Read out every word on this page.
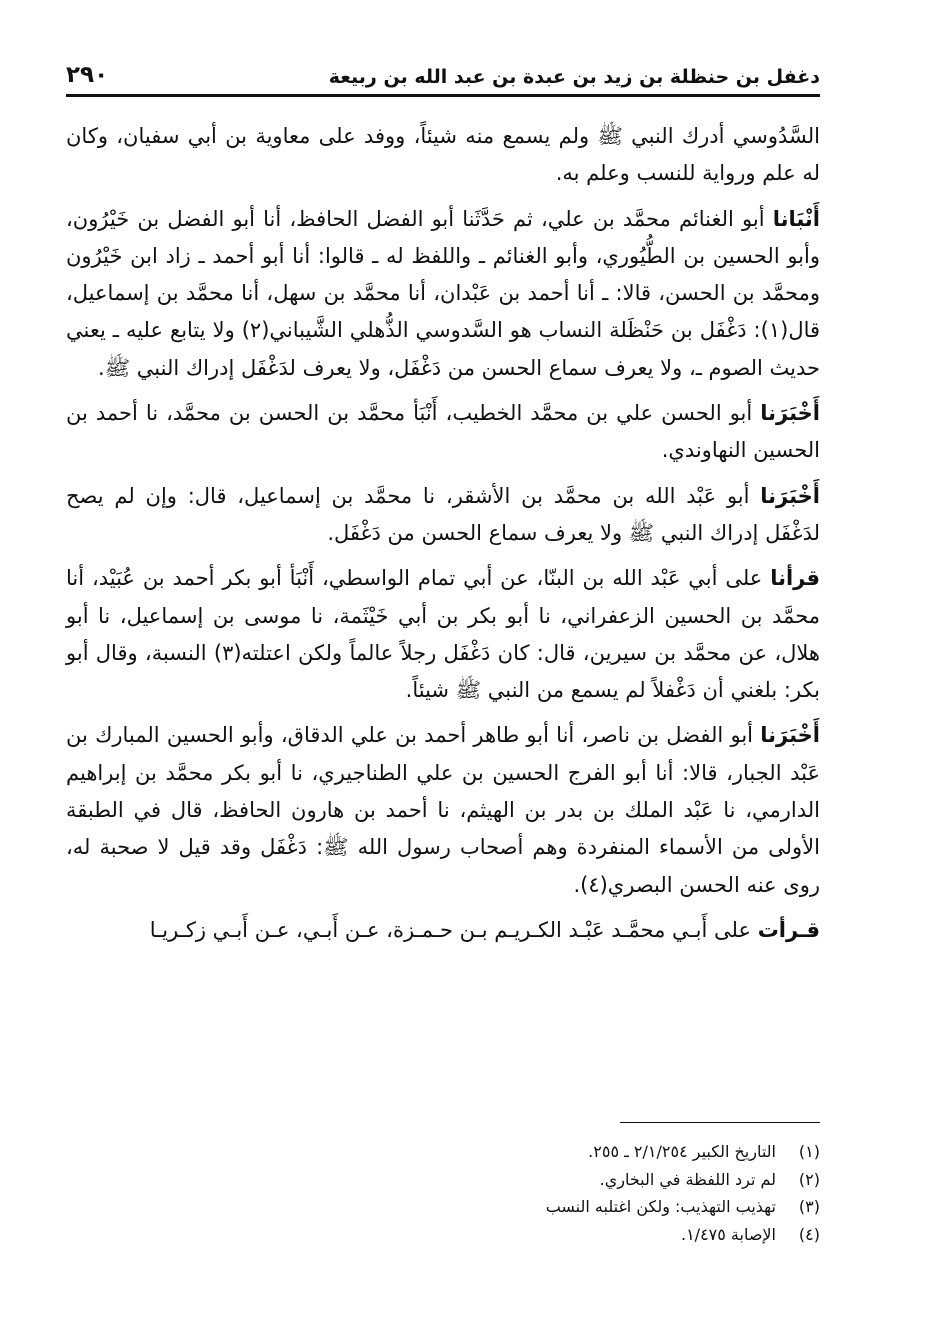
دغفل بن حنظلة بن زيد بن عبدة بن عبد الله بن ربيعة
٢٩٠

السَّدُوسي أدرك النبي ﷺ ولم يسمع منه شيئاً، ووفد على معاوية بن أبي سفيان، وكان له علم ورواية للنسب وعلم به.

أَنْبَانا أبو الغنائم محمَّد بن علي، ثم حَدَّثَنا أبو الفضل الحافظ، أنا أبو الفضل بن خَيْرُون، وأبو الحسين بن الطُّيُوري، وأبو الغنائم ـ واللفظ له ـ قالوا: أنا أبو أحمد ـ زاد ابن خَيْرُون ومحمَّد بن الحسن، قالا: ـ أنا أحمد بن عَبْدان، أنا محمَّد بن سهل، أنا محمَّد بن إسماعيل، قال(١): دَغْفَل بن حَنْظَلة النساب هو السَّدوسي الذُّهلي الشَّيباني(٢) ولا يتابع عليه ـ يعني حديث الصوم ـ، ولا يعرف سماع الحسن من دَغْفَل، ولا يعرف لدَغْفَل إدراك النبي ﷺ.

أَخْبَرَنا أبو الحسن علي بن محمَّد الخطيب، أَنْبَأ محمَّد بن الحسن بن محمَّد، نا أحمد بن الحسين النهاوندي.

أَخْبَرَنا أبو عَبْد الله بن محمَّد بن الأشقر، نا محمَّد بن إسماعيل، قال: وإن لم يصح لدَغْفَل إدراك النبي ﷺ ولا يعرف سماع الحسن من دَغْفَل.

قرأنا على أبي عَبْد الله بن البنّا، عن أبي تمام الواسطي، أَنْبَأ أبو بكر أحمد بن عُبَيْد، أنا محمَّد بن الحسين الزعفراني، نا أبو بكر بن أبي خَيْثَمة، نا موسى بن إسماعيل، نا أبو هلال، عن محمَّد بن سيرين، قال: كان دَغْفَل رجلاً عالماً ولكن اعتلته(٣) النسبة، وقال أبو بكر: بلغني أن دَغْفلاً لم يسمع من النبي ﷺ شيئاً.

أَخْبَرَنا أبو الفضل بن ناصر، أنا أبو طاهر أحمد بن علي الدقاق، وأبو الحسين المبارك بن عَبْد الجبار، قالا: أنا أبو الفرج الحسين بن علي الطناجيري، نا أبو بكر محمَّد بن إبراهيم الدارمي، نا عَبْد الملك بن بدر بن الهيثم، نا أحمد بن هارون الحافظ، قال في الطبقة الأولى من الأسماء المنفردة وهم أصحاب رسول الله ﷺ: دَغْفَل وقد قيل لا صحبة له، روى عنه الحسن البصري(٤).

قـرأت على أَبـي محمَّـد عَبْـد الكـريـم بـن حـمـزة، عـن أَبـي، عـن أَبـي زكـريـا

(١)
التاريخ الكبير ٢/١/٢٥٤ ـ ٢٥٥.
(٢)
لم ترد اللفظة في البخاري.
(٣)
تهذيب التهذيب: ولكن اغتلبه النسب
(٤)
الإصابة ١/٤٧٥.
